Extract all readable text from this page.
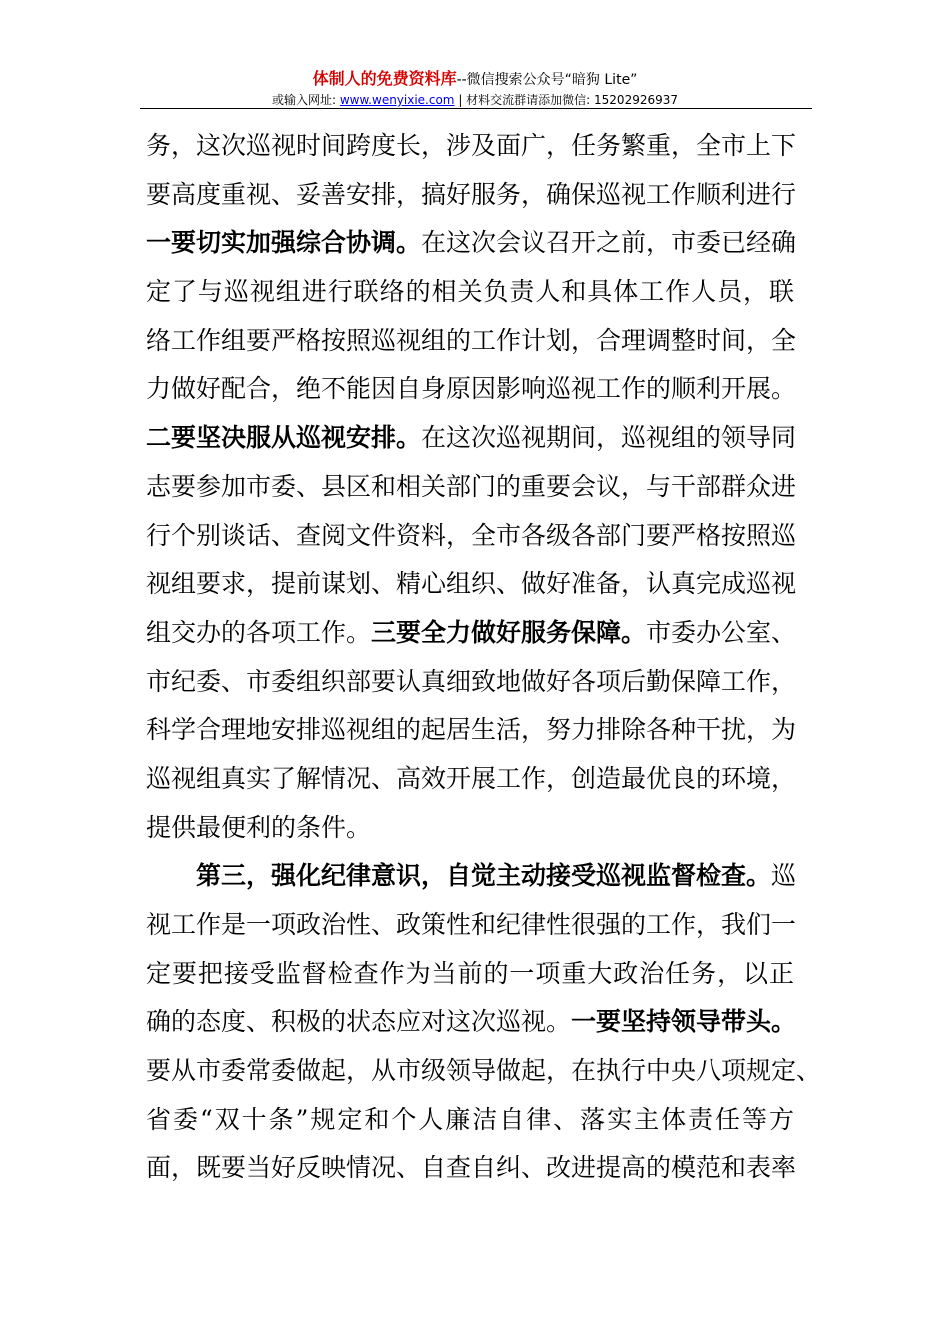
体制人的免费资料库--微信搜索公众号“暗狗 Lite”
或输入网址: www.wenyixie.com | 材料交流群请添加微信: 15202926937
务，这次巡视时间跨度长，涉及面广，任务繁重，全市上下
要高度重视、妥善安排，搞好服务，确保巡视工作顺利进行
一要切实加强综合协调。在这次会议召开之前，市委已经确
定了与巡视组进行联络的相关负责人和具体工作人员，联
络工作组要严格按照巡视组的工作计划，合理调整时间，全
力做好配合，绝不能因自身原因影响巡视工作的顺利开展。
二要坚决服从巡视安排。在这次巡视期间，巡视组的领导同
志要参加市委、县区和相关部门的重要会议，与干部群众进
行个别谈话、查阅文件资料，全市各级各部门要严格按照巡
视组要求，提前谋划、精心组织、做好准备，认真完成巡视
组交办的各项工作。三要全力做好服务保障。市委办公室、
市纪委、市委组织部要认真细致地做好各项后勤保障工作，
科学合理地安排巡视组的起居生活，努力排除各种干扰，为
巡视组真实了解情况、高效开展工作，创造最优良的环境，
提供最便利的条件。
第三，强化纪律意识，自觉主动接受巡视监督检查。巡
视工作是一项政治性、政策性和纪律性很强的工作，我们一
定要把接受监督检查作为当前的一项重大政治任务，以正
确的态度、积极的状态应对这次巡视。一要坚持领导带头。
要从市委常委做起，从市级领导做起，在执行中央八项规定、
省委“双十条”规定和个人廉洁自律、落实主体责任等方
面，既要当好反映情况、自查自纠、改进提高的模范和表率
